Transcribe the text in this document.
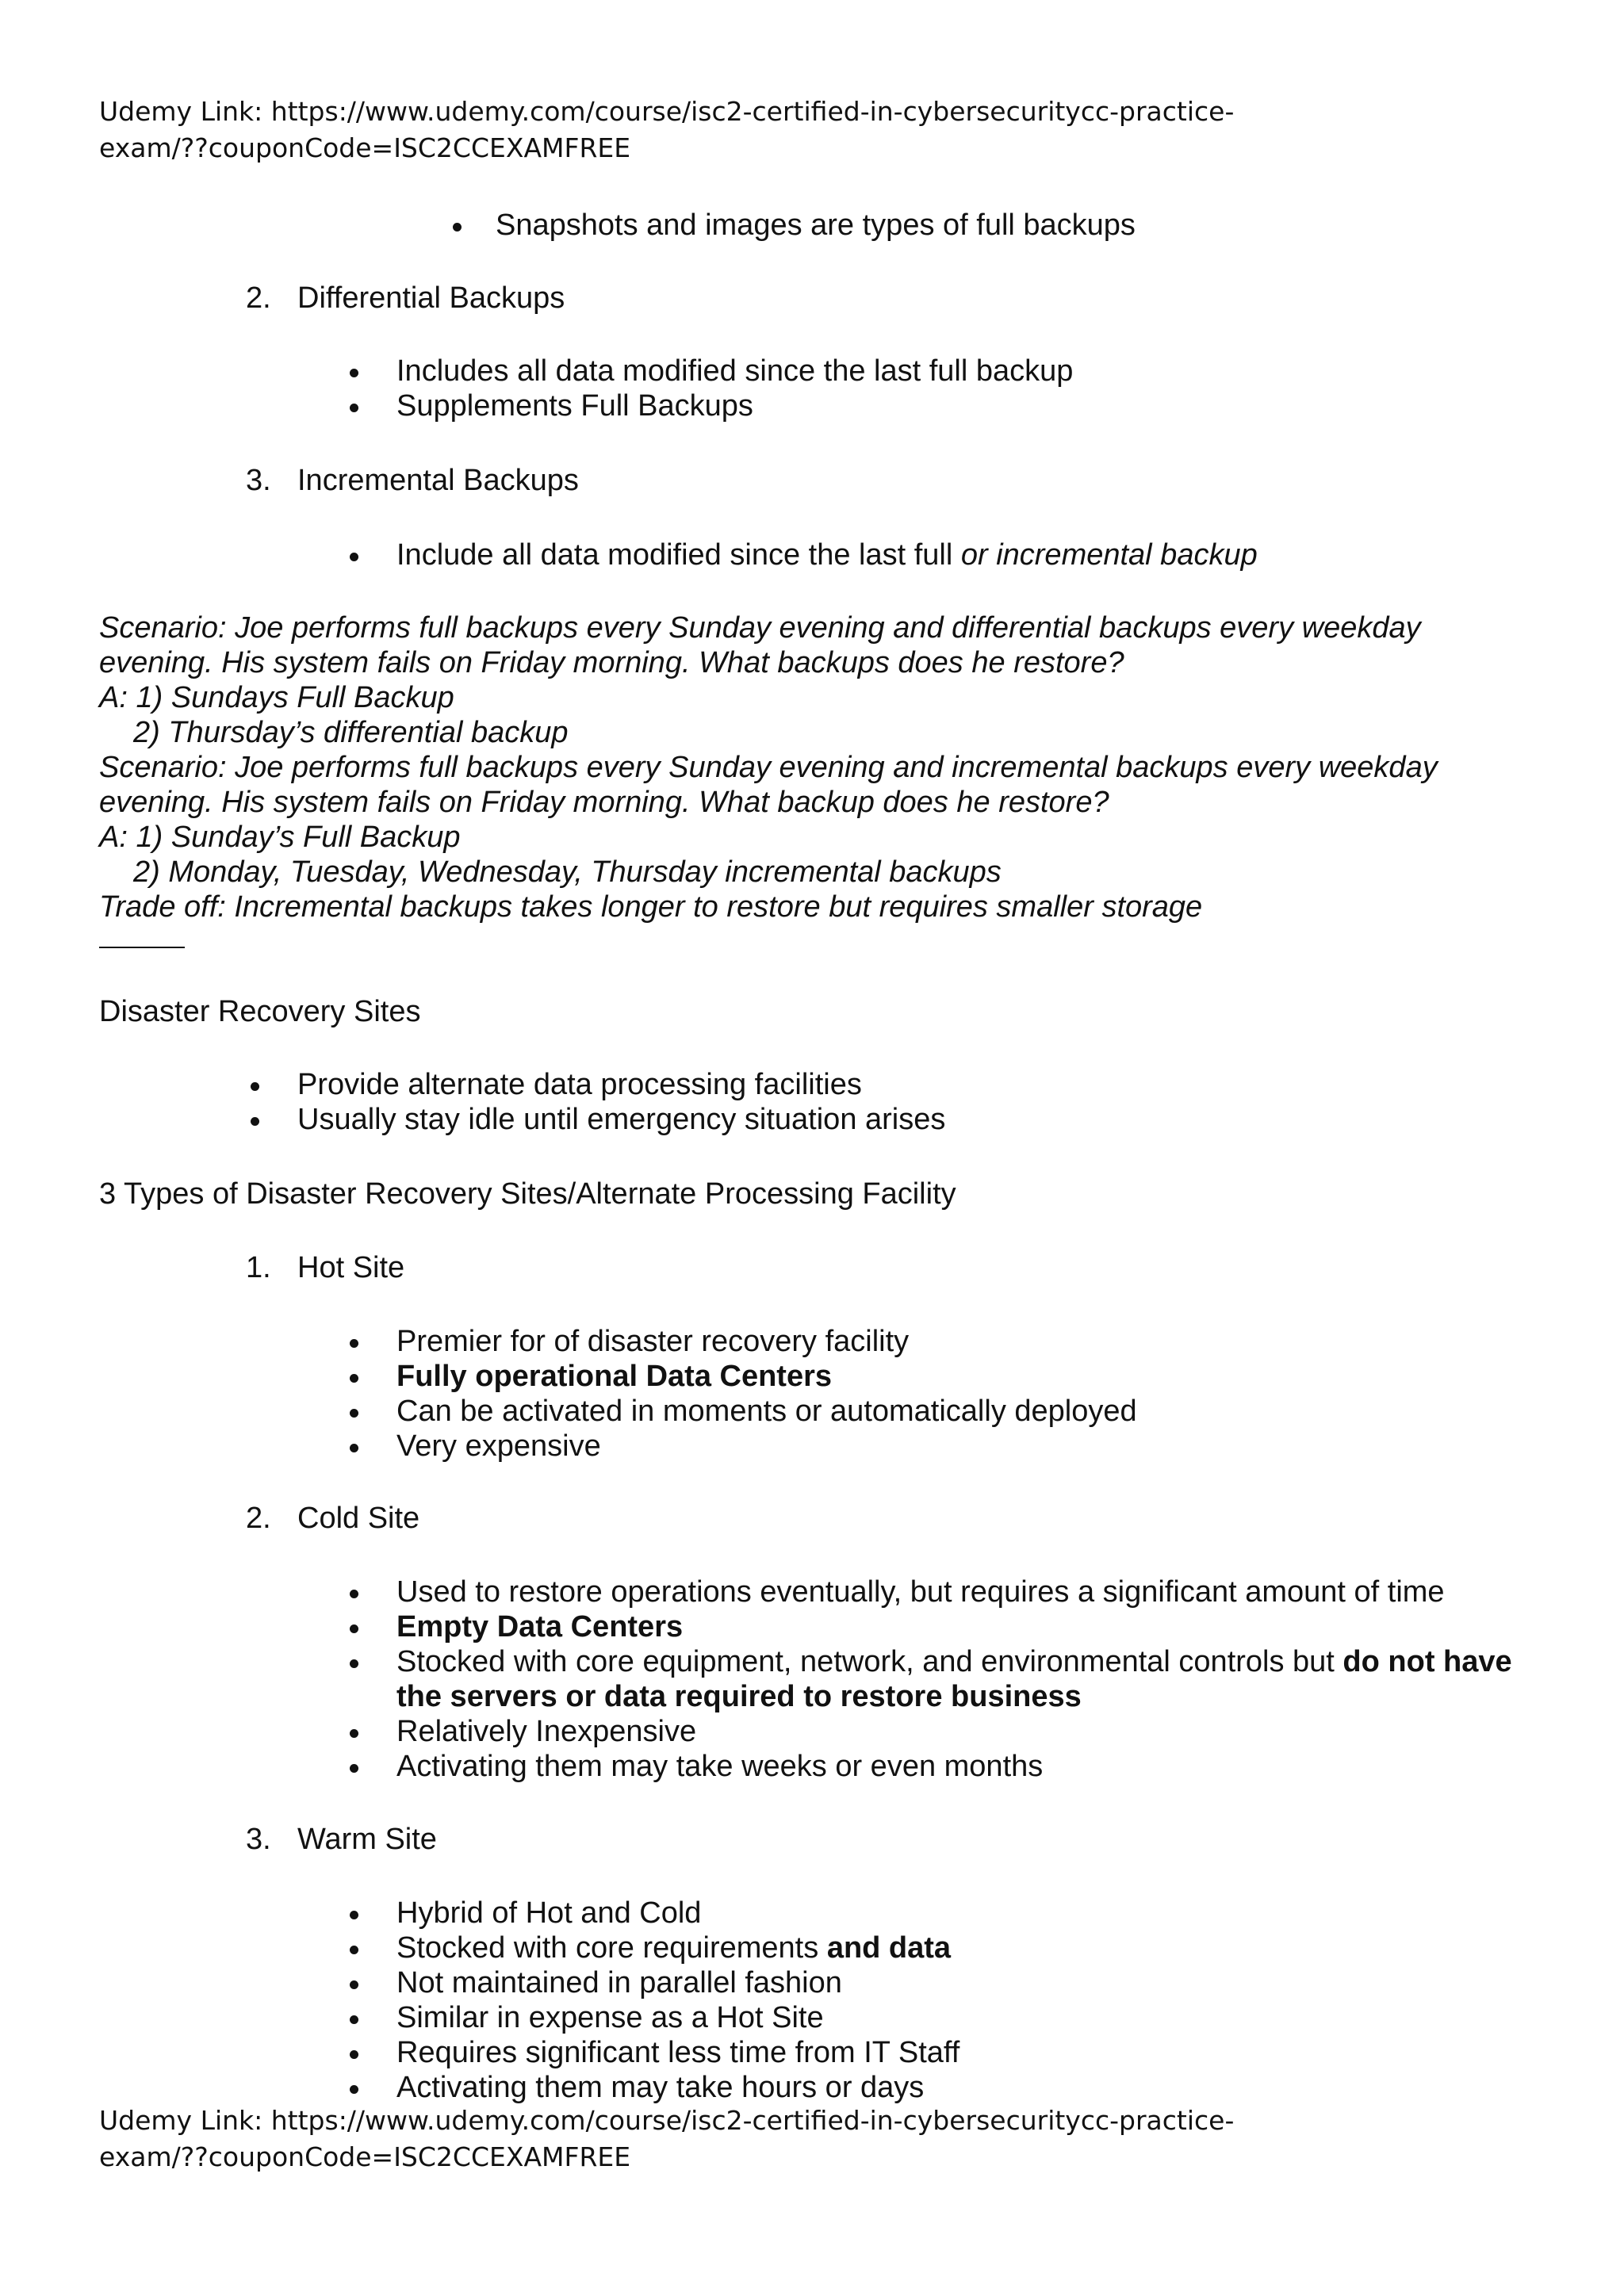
Udemy Link: https://www.udemy.com/course/isc2-certified-in-cybersecuritycc-practice-
exam/??couponCode=ISC2CCEXAMFREE
Snapshots and images are types of full backups
2. Differential Backups
Includes all data modified since the last full backup
Supplements Full Backups
3. Incremental Backups
Include all data modified since the last full or incremental backup
Scenario: Joe performs full backups every Sunday evening and differential backups every weekday
evening. His system fails on Friday morning. What backups does he restore?
A: 1) Sundays Full Backup
2) Thursday’s differential backup
Scenario: Joe performs full backups every Sunday evening and incremental backups every weekday
evening. His system fails on Friday morning. What backup does he restore?
A: 1) Sunday’s Full Backup
2) Monday, Tuesday, Wednesday, Thursday incremental backups
Trade off: Incremental backups takes longer to restore but requires smaller storage
Disaster Recovery Sites
Provide alternate data processing facilities
Usually stay idle until emergency situation arises
3 Types of Disaster Recovery Sites/Alternate Processing Facility
1. Hot Site
Premier for of disaster recovery facility
Fully operational Data Centers
Can be activated in moments or automatically deployed
Very expensive
2. Cold Site
Used to restore operations eventually, but requires a significant amount of time
Empty Data Centers
Stocked with core equipment, network, and environmental controls but do not have
the servers or data required to restore business
Relatively Inexpensive
Activating them may take weeks or even months
3. Warm Site
Hybrid of Hot and Cold
Stocked with core requirements and data
Not maintained in parallel fashion
Similar in expense as a Hot Site
Requires significant less time from IT Staff
Activating them may take hours or days
Udemy Link: https://www.udemy.com/course/isc2-certified-in-cybersecuritycc-practice-
exam/??couponCode=ISC2CCEXAMFREE
